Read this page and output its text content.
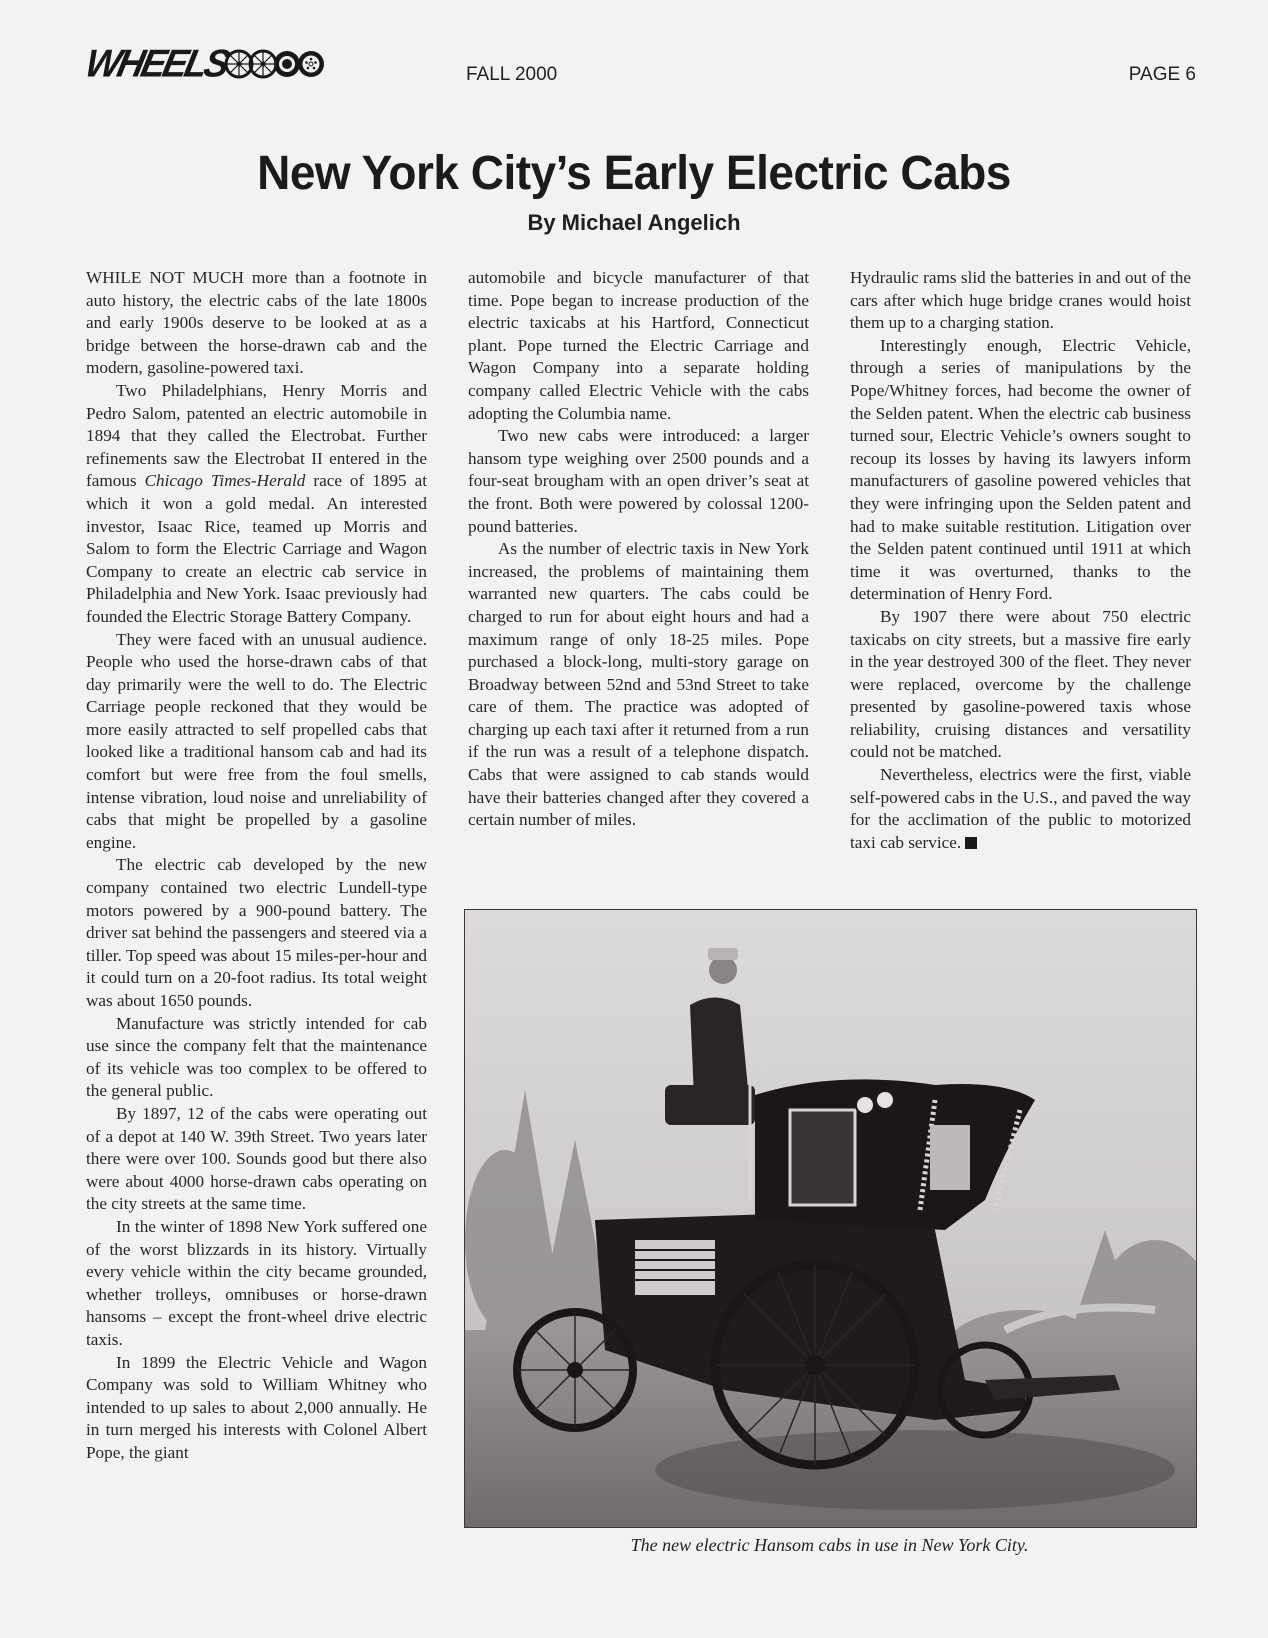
WHEELS	FALL 2000	PAGE 6
New York City’s Early Electric Cabs
By Michael Angelich

WHILE NOT MUCH more than a footnote in auto history, the electric cabs of the late 1800s and early 1900s deserve to be looked at as a bridge between the horse-drawn cab and the modern, gasoline-powered taxi.

Two Philadelphians, Henry Morris and Pedro Salom, patented an electric automobile in 1894 that they called the Electrobat. Further refinements saw the Electrobat II entered in the famous Chicago Times-Herald race of 1895 at which it won a gold medal. An interested investor, Isaac Rice, teamed up Morris and Salom to form the Electric Carriage and Wagon Company to create an electric cab service in Philadelphia and New York. Isaac previously had founded the Electric Storage Battery Company.

They were faced with an unusual audience. People who used the horse-drawn cabs of that day primarily were the well to do. The Electric Carriage people reckoned that they would be more easily attracted to self propelled cabs that looked like a traditional hansom cab and had its comfort but were free from the foul smells, intense vibration, loud noise and unreliability of cabs that might be propelled by a gasoline engine.

The electric cab developed by the new company contained two electric Lundell-type motors powered by a 900-pound battery. The driver sat behind the passengers and steered via a tiller. Top speed was about 15 miles-per-hour and it could turn on a 20-foot radius. Its total weight was about 1650 pounds.

Manufacture was strictly intended for cab use since the company felt that the maintenance of its vehicle was too complex to be offered to the general public.

By 1897, 12 of the cabs were operating out of a depot at 140 W. 39th Street. Two years later there were over 100. Sounds good but there also were about 4000 horse-drawn cabs operating on the city streets at the same time.

In the winter of 1898 New York suffered one of the worst blizzards in its history. Virtually every vehicle within the city became grounded, whether trolleys, omnibuses or horse-drawn hansoms – except the front-wheel drive electric taxis.

In 1899 the Electric Vehicle and Wagon Company was sold to William Whitney who intended to up sales to about 2,000 annually. He in turn merged his interests with Colonel Albert Pope, the giant

automobile and bicycle manufacturer of that time. Pope began to increase production of the electric taxicabs at his Hartford, Connecticut plant. Pope turned the Electric Carriage and Wagon Company into a separate holding company called Electric Vehicle with the cabs adopting the Columbia name.

Two new cabs were introduced: a larger hansom type weighing over 2500 pounds and a four-seat brougham with an open driver’s seat at the front. Both were powered by colossal 1200-pound batteries.

As the number of electric taxis in New York increased, the problems of maintaining them warranted new quarters. The cabs could be charged to run for about eight hours and had a maximum range of only 18-25 miles. Pope purchased a block-long, multi-story garage on Broadway between 52nd and 53nd Street to take care of them. The practice was adopted of charging up each taxi after it returned from a run if the run was a result of a telephone dispatch. Cabs that were assigned to cab stands would have their batteries changed after they covered a certain number of miles.

Hydraulic rams slid the batteries in and out of the cars after which huge bridge cranes would hoist them up to a charging station.

Interestingly enough, Electric Vehicle, through a series of manipulations by the Pope/Whitney forces, had become the owner of the Selden patent. When the electric cab business turned sour, Electric Vehicle’s owners sought to recoup its losses by having its lawyers inform manufacturers of gasoline powered vehicles that they were infringing upon the Selden patent and had to make suitable restitution. Litigation over the Selden patent continued until 1911 at which time it was overturned, thanks to the determination of Henry Ford.

By 1907 there were about 750 electric taxicabs on city streets, but a massive fire early in the year destroyed 300 of the fleet. They never were replaced, overcome by the challenge presented by gasoline-powered taxis whose reliability, cruising distances and versatility could not be matched.

Nevertheless, electrics were the first, viable self-powered cabs in the U.S., and paved the way for the acclimation of the public to motorized taxi cab service.

The new electric Hansom cabs in use in New York City.
